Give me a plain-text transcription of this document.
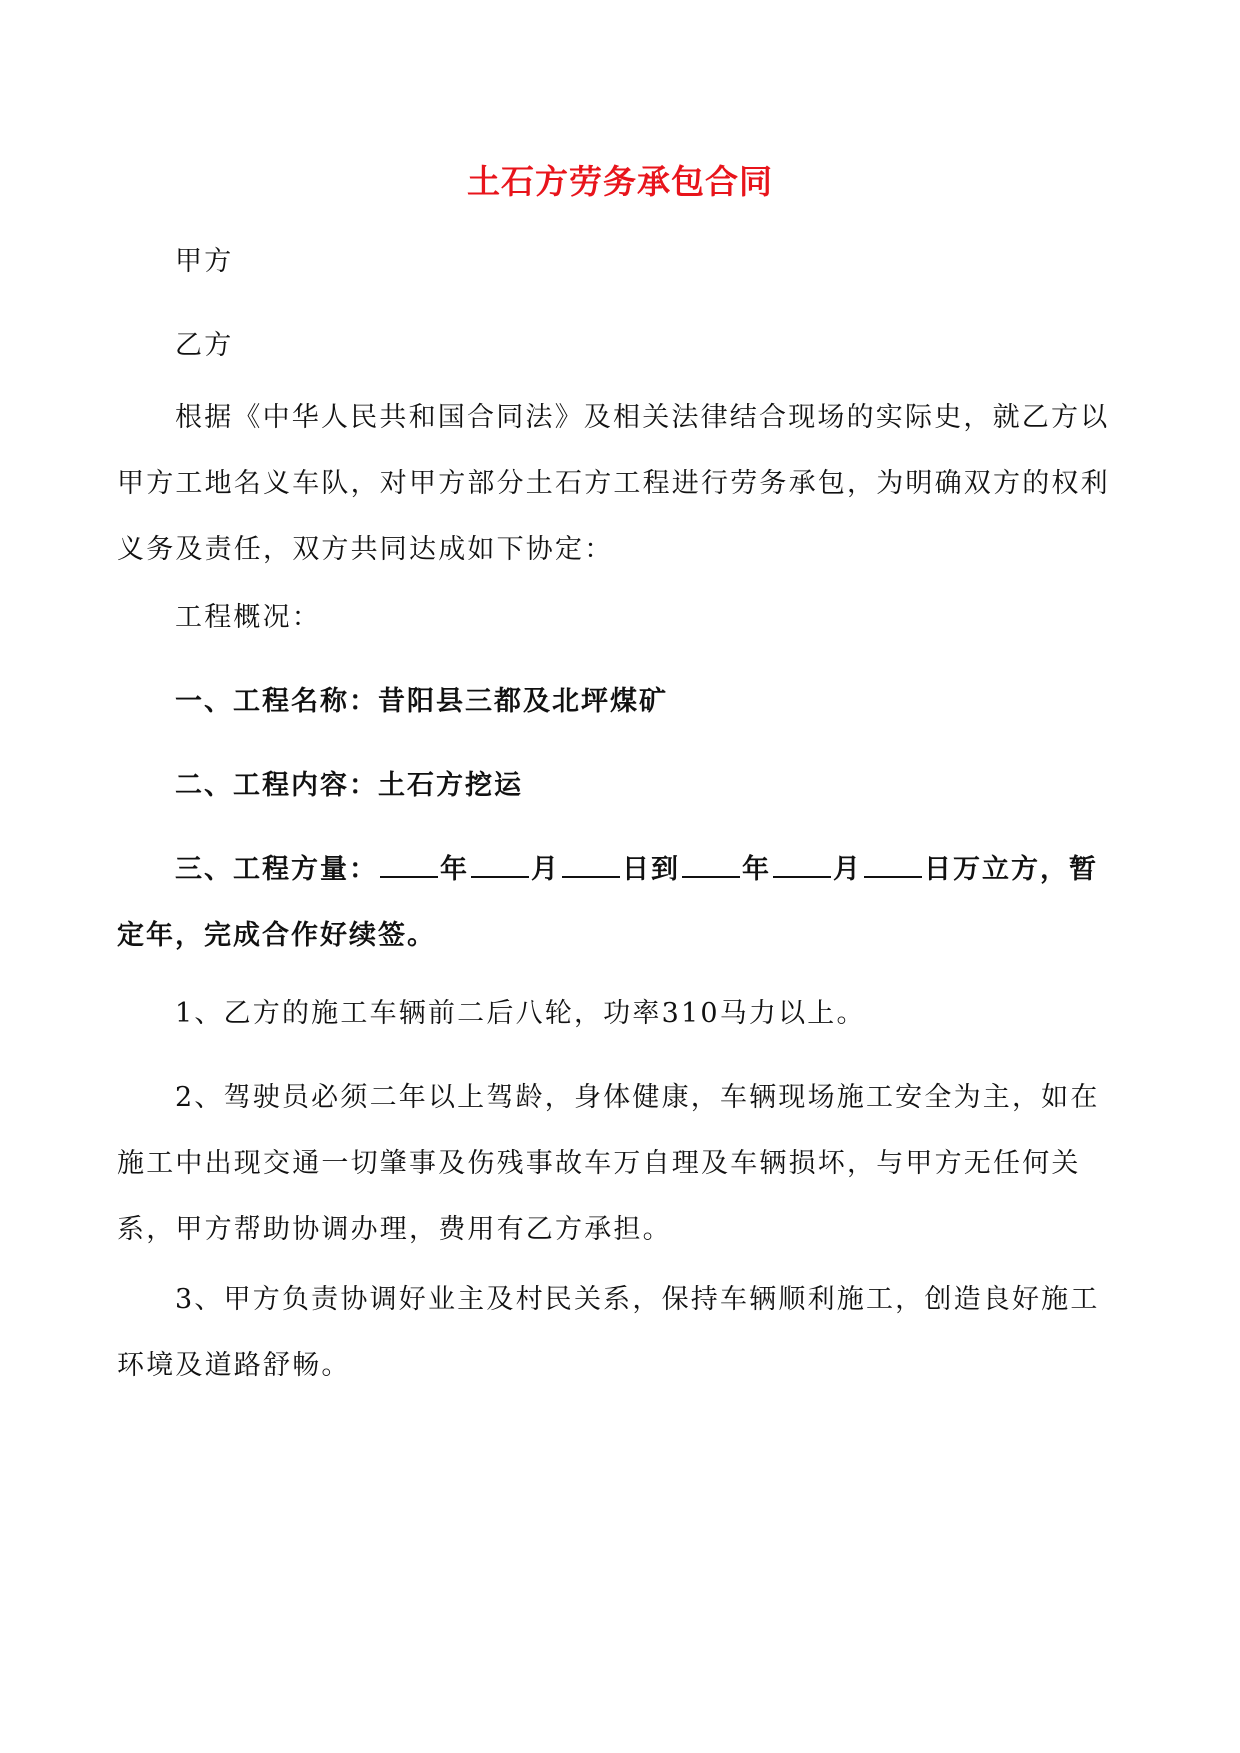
土石方劳务承包合同

甲方

乙方

根据《中华人民共和国合同法》及相关法律结合现场的实际史，就乙方以甲方工地名义车队，对甲方部分土石方工程进行劳务承包，为明确双方的权利义务及责任，双方共同达成如下协定：

工程概况：

一、工程名称：昔阳县三都及北坪煤矿

二、工程内容：土石方挖运

三、工程方量： 年 月 日到 年 月 日万立方，暂定年，完成合作好续签。

1、乙方的施工车辆前二后八轮，功率310马力以上。

2、驾驶员必须二年以上驾龄，身体健康，车辆现场施工安全为主，如在施工中出现交通一切肇事及伤残事故车万自理及车辆损坏，与甲方无任何关系，甲方帮助协调办理，费用有乙方承担。

3、甲方负责协调好业主及村民关系，保持车辆顺利施工，创造良好施工环境及道路舒畅。
